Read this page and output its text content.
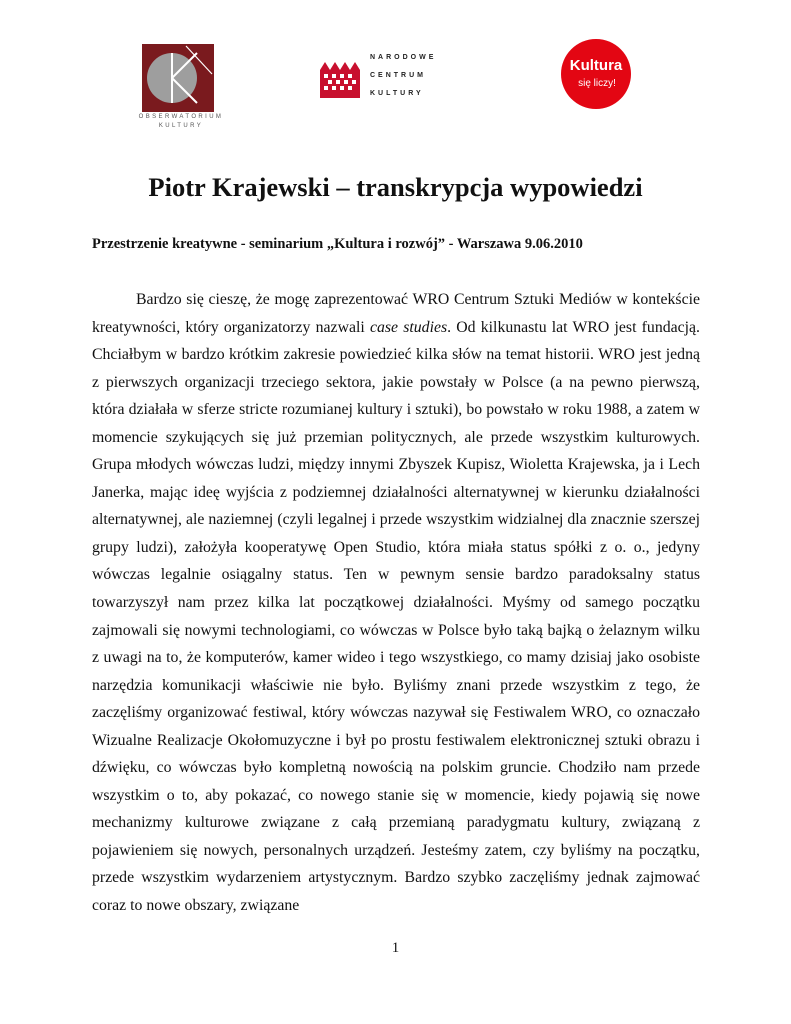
OBSERWATORIUM
KULTURY
NARODOWE
CENTRUM
KULTURY
Kultura
się liczy!
Piotr Krajewski – transkrypcja wypowiedzi

Przestrzenie kreatywne - seminarium „Kultura i rozwój” - Warszawa 9.06.2010

Bardzo się cieszę, że mogę zaprezentować WRO Centrum Sztuki Mediów w kontekście kreatywności, który organizatorzy nazwali case studies. Od kilkunastu lat WRO jest fundacją. Chciałbym w bardzo krótkim zakresie powiedzieć kilka słów na temat historii. WRO jest jedną z pierwszych organizacji trzeciego sektora, jakie powstały w Polsce (a na pewno pierwszą, która działała w sferze stricte rozumianej kultury i sztuki), bo powstało w roku 1988, a zatem w momencie szykujących się już przemian politycznych, ale przede wszystkim kulturowych. Grupa młodych wówczas ludzi, między innymi Zbyszek Kupisz, Wioletta Krajewska, ja i Lech Janerka, mając ideę wyjścia z podziemnej działalności alternatywnej w kierunku działalności alternatywnej, ale naziemnej (czyli legalnej i przede wszystkim widzialnej dla znacznie szerszej grupy ludzi), założyła kooperatywę Open Studio, która miała status spółki z o. o., jedyny wówczas legalnie osiągalny status. Ten w pewnym sensie bardzo paradoksalny status towarzyszył nam przez kilka lat początkowej działalności. Myśmy od samego początku zajmowali się nowymi technologiami, co wówczas w Polsce było taką bajką o żelaznym wilku z uwagi na to, że komputerów, kamer wideo i tego wszystkiego, co mamy dzisiaj jako osobiste narzędzia komunikacji właściwie nie było. Byliśmy znani przede wszystkim z tego, że zaczęliśmy organizować festiwal, który wówczas nazywał się Festiwalem WRO, co oznaczało Wizualne Realizacje Okołomuzyczne i był po prostu festiwalem elektronicznej sztuki obrazu i dźwięku, co wówczas było kompletną nowością na polskim gruncie. Chodziło nam przede wszystkim o to, aby pokazać, co nowego stanie się w momencie, kiedy pojawią się nowe mechanizmy kulturowe związane z całą przemianą paradygmatu kultury, związaną z pojawieniem się nowych, personalnych urządzeń. Jesteśmy zatem, czy byliśmy na początku, przede wszystkim wydarzeniem artystycznym. Bardzo szybko zaczęliśmy jednak zajmować coraz to nowe obszary, związane

1
